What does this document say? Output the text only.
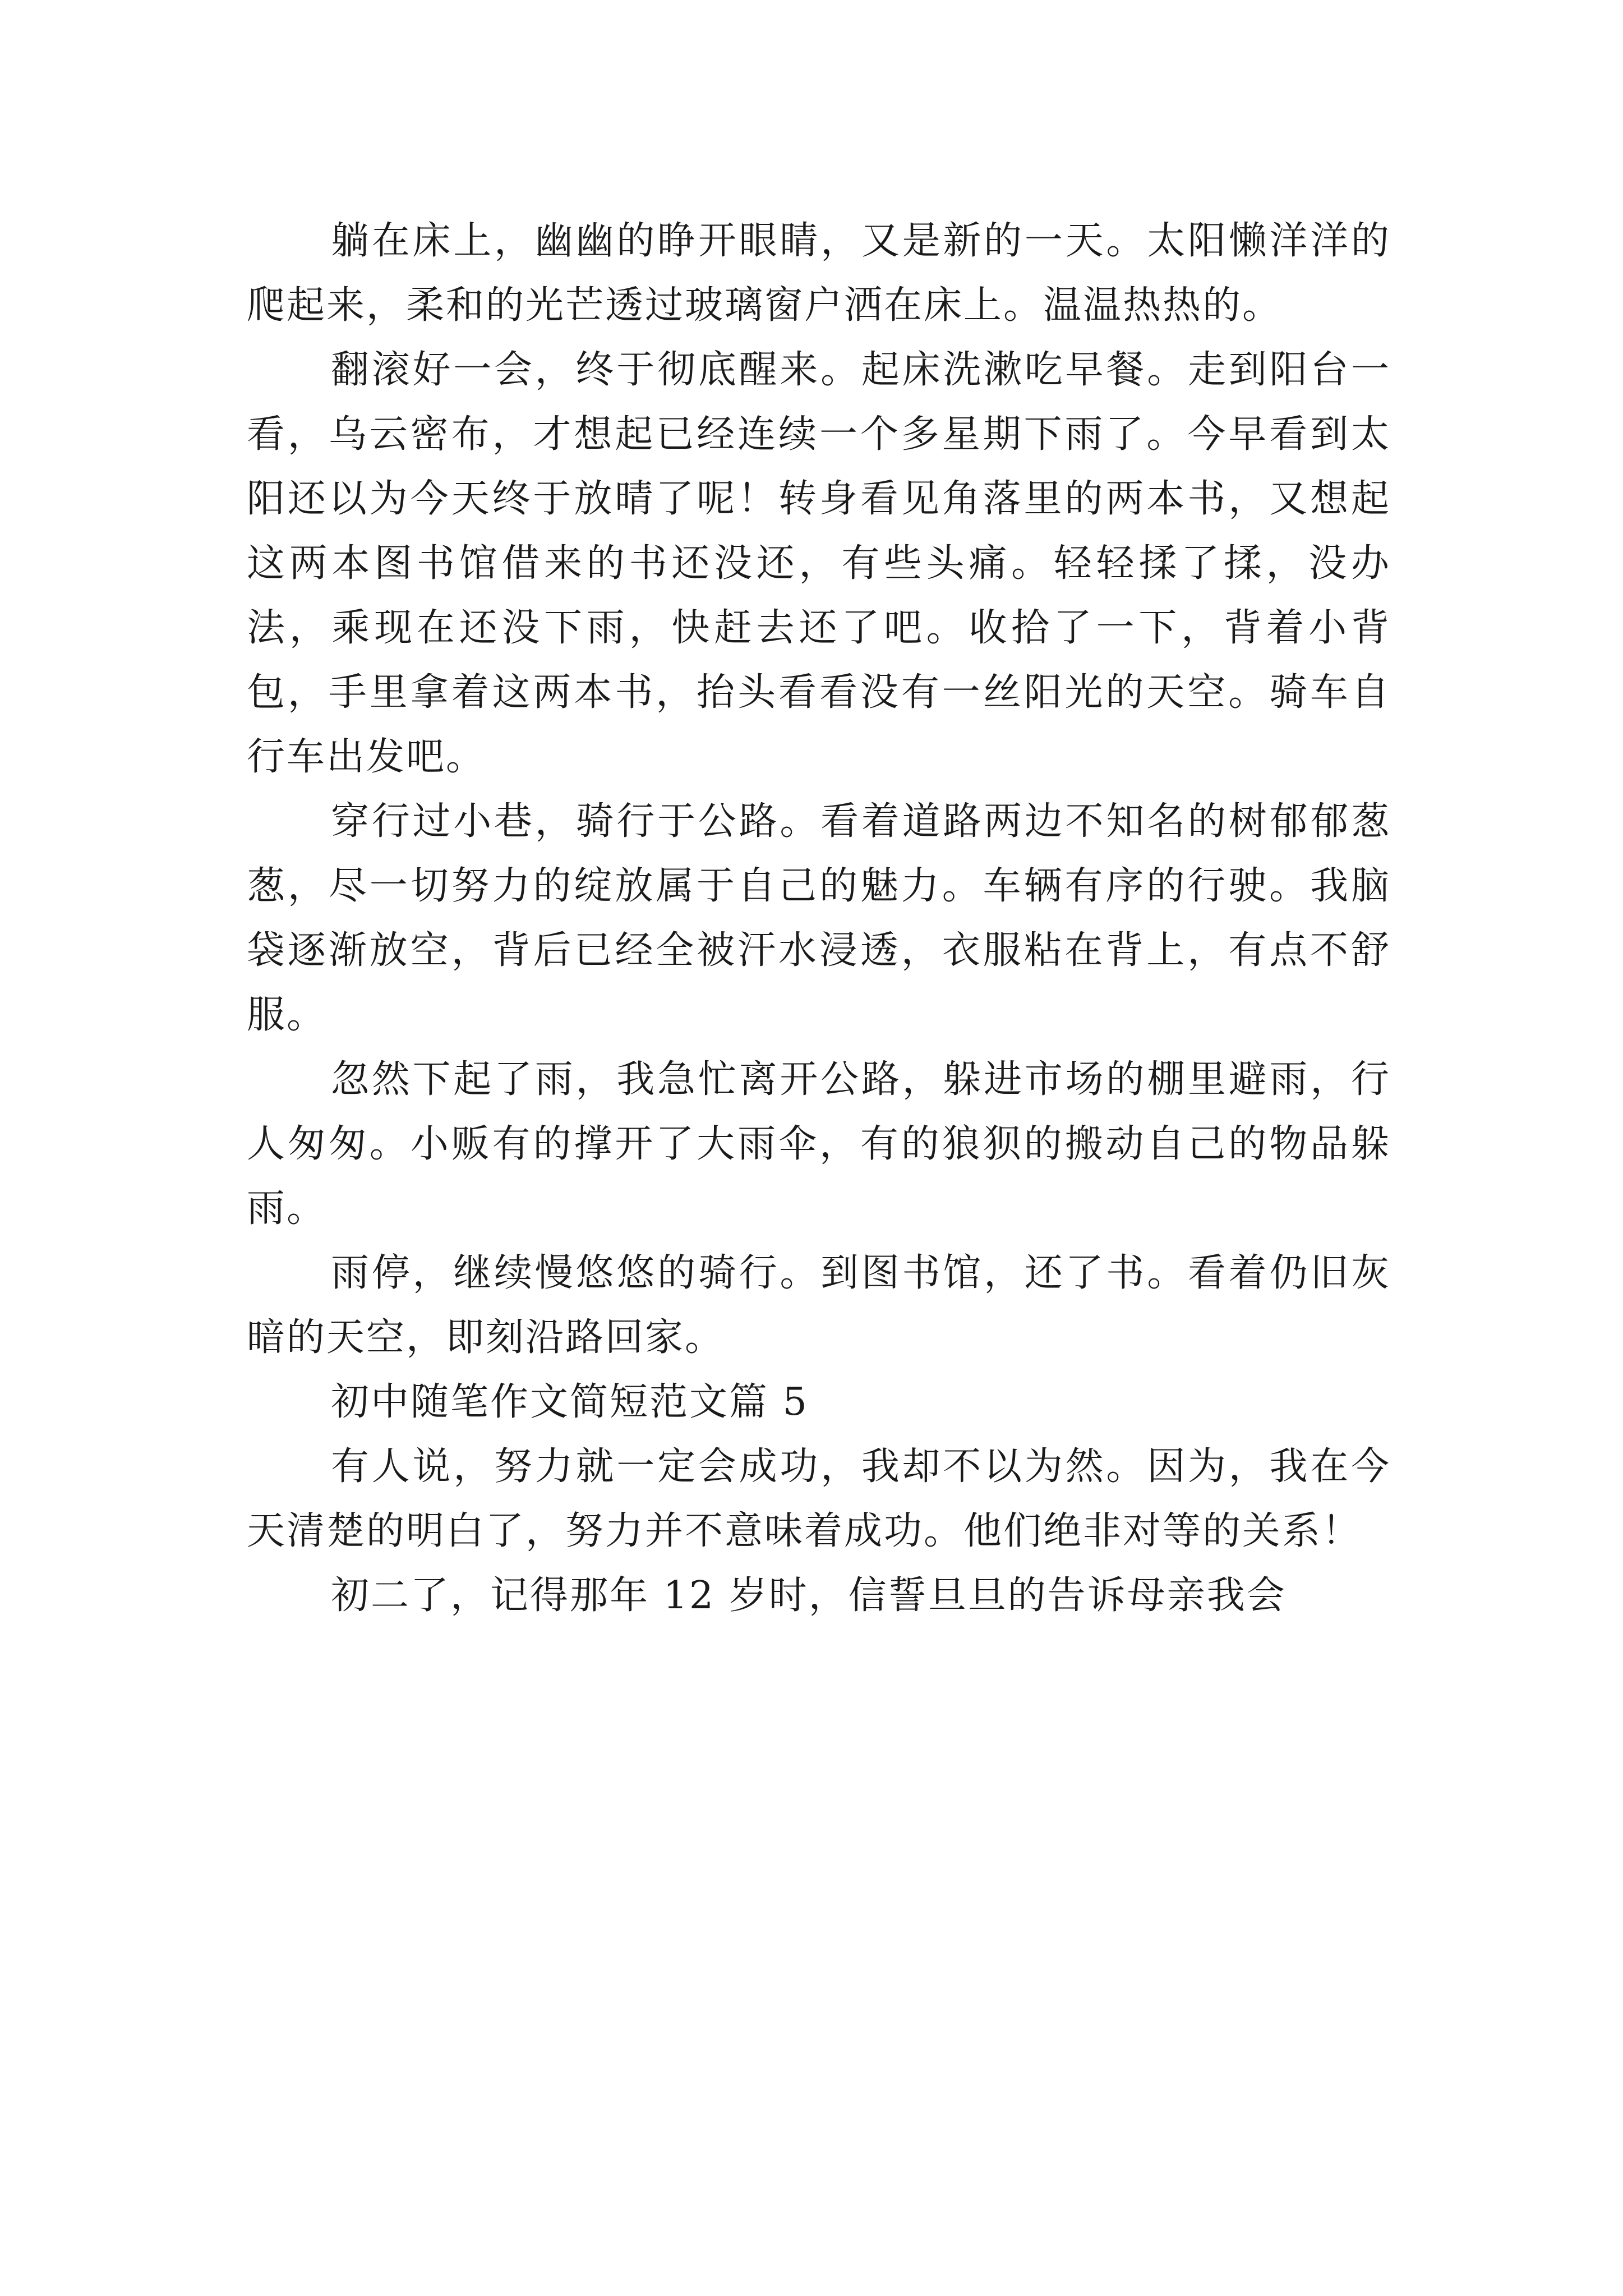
躺在床上，幽幽的睁开眼睛，又是新的一天。太阳懒洋洋的爬起来，柔和的光芒透过玻璃窗户洒在床上。温温热热的。

翻滚好一会，终于彻底醒来。起床洗漱吃早餐。走到阳台一看，乌云密布，才想起已经连续一个多星期下雨了。今早看到太阳还以为今天终于放晴了呢！转身看见角落里的两本书，又想起这两本图书馆借来的书还没还，有些头痛。轻轻揉了揉，没办法，乘现在还没下雨，快赶去还了吧。收拾了一下，背着小背包，手里拿着这两本书，抬头看看没有一丝阳光的天空。骑车自行车出发吧。

穿行过小巷，骑行于公路。看着道路两边不知名的树郁郁葱葱，尽一切努力的绽放属于自己的魅力。车辆有序的行驶。我脑袋逐渐放空，背后已经全被汗水浸透，衣服粘在背上，有点不舒服。

忽然下起了雨，我急忙离开公路，躲进市场的棚里避雨，行人匆匆。小贩有的撑开了大雨伞，有的狼狈的搬动自己的物品躲雨。

雨停，继续慢悠悠的骑行。到图书馆，还了书。看着仍旧灰暗的天空，即刻沿路回家。

初中随笔作文简短范文篇 5

有人说，努力就一定会成功，我却不以为然。因为，我在今天清楚的明白了，努力并不意味着成功。他们绝非对等的关系！

初二了，记得那年 12 岁时，信誓旦旦的告诉母亲我会
